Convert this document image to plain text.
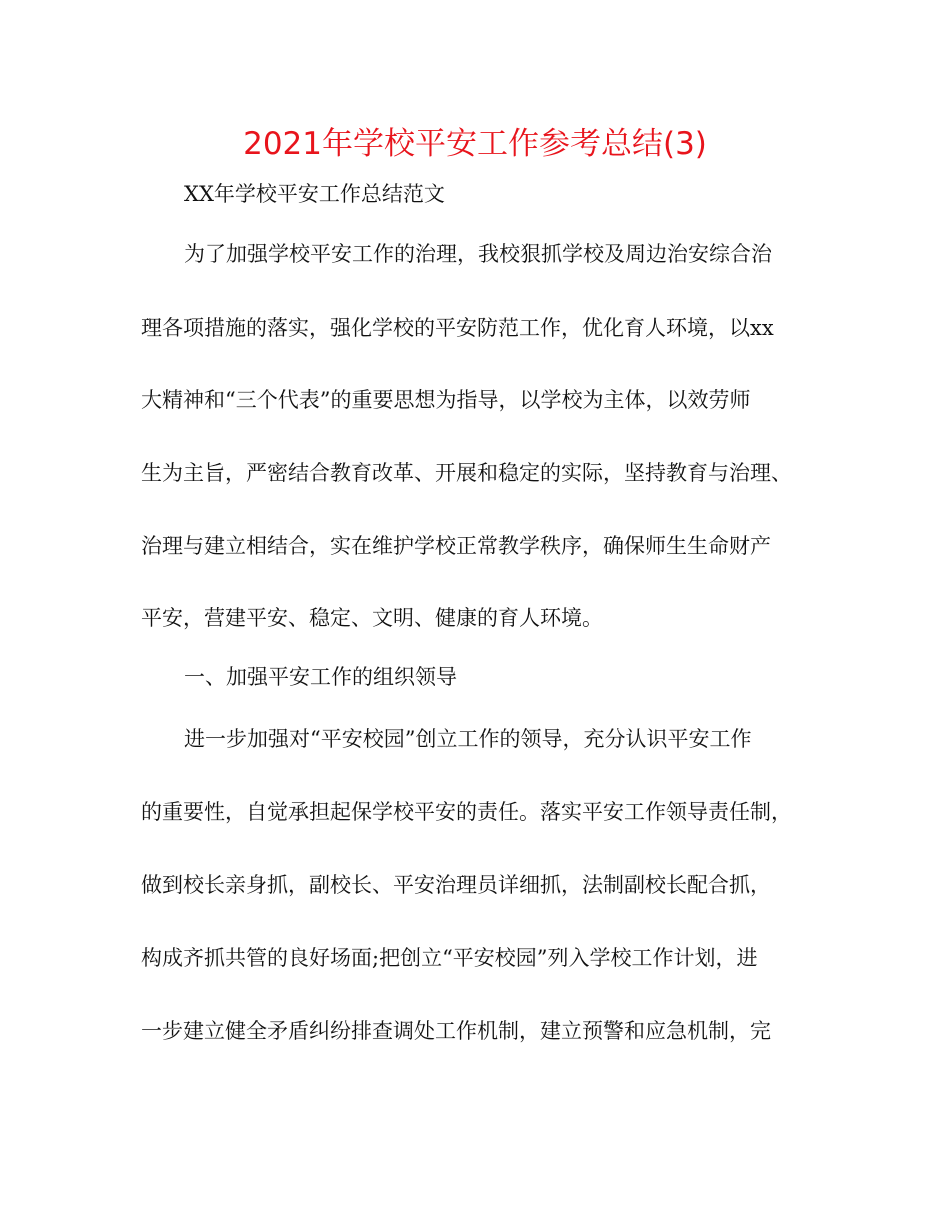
2021年学校平安工作参考总结(3)
XX年学校平安工作总结范文
为了加强学校平安工作的治理，我校狠抓学校及周边治安综合治
理各项措施的落实，强化学校的平安防范工作，优化育人环境，以xx
大精神和“三个代表”的重要思想为指导，以学校为主体，以效劳师
生为主旨，严密结合教育改革、开展和稳定的实际，坚持教育与治理、
治理与建立相结合，实在维护学校正常教学秩序，确保师生生命财产
平安，营建平安、稳定、文明、健康的育人环境。
一、加强平安工作的组织领导
进一步加强对“平安校园”创立工作的领导，充分认识平安工作
的重要性，自觉承担起保学校平安的责任。落实平安工作领导责任制，
做到校长亲身抓，副校长、平安治理员详细抓，法制副校长配合抓，
构成齐抓共管的良好场面;把创立“平安校园”列入学校工作计划，进
一步建立健全矛盾纠纷排查调处工作机制，建立预警和应急机制，完
